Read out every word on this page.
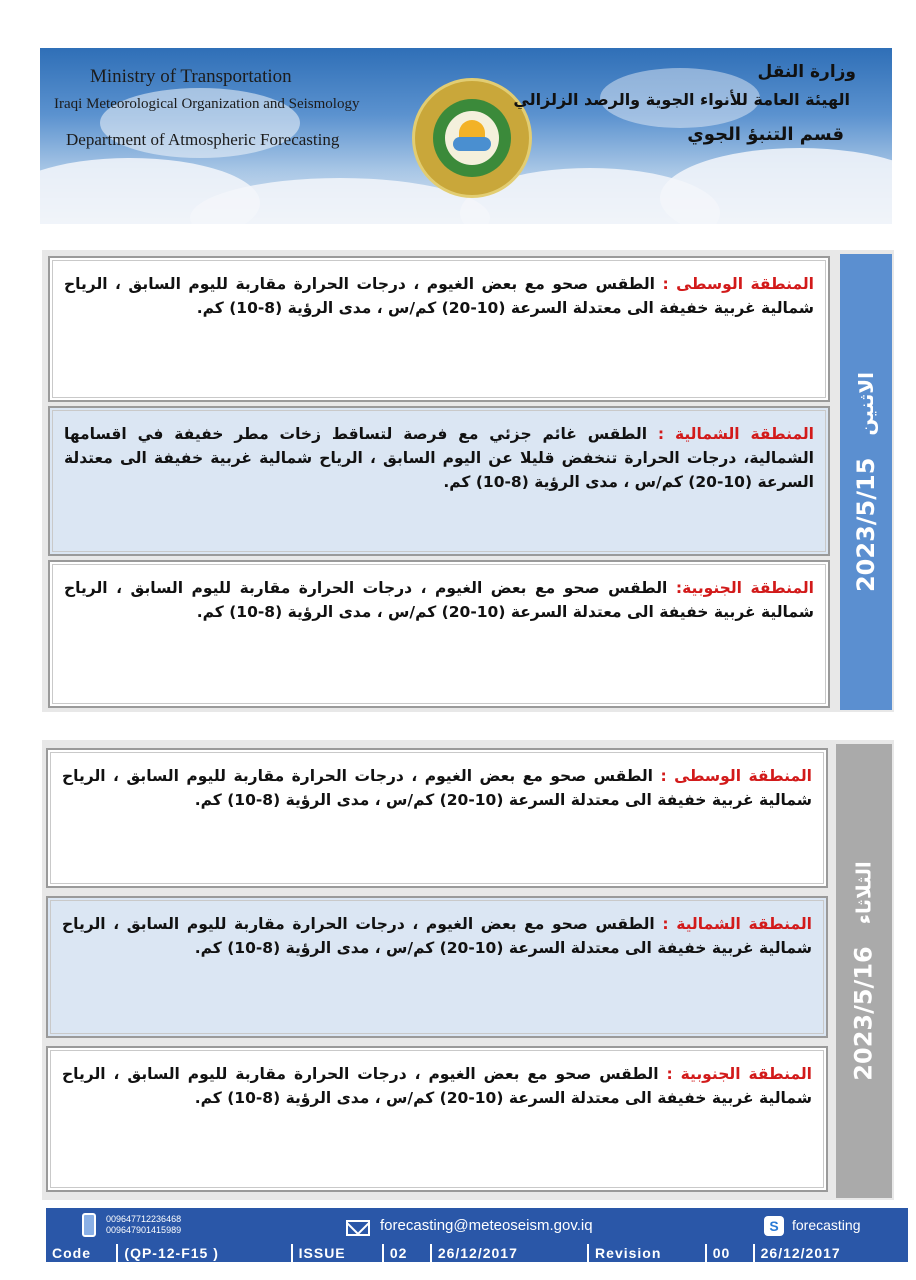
Ministry of Transportation
Iraqi Meteorological Organization and Seismology
Department of Atmospheric Forecasting
وزارة النقل
الهيئة العامة للأنواء الجوية والرصد الزلزالي
قسم التنبؤ الجوي
المنطقة الوسطى : الطقس صحو مع بعض الغيوم ، درجات الحرارة مقاربة لليوم السابق ، الرياح شمالية غربية خفيفة الى معتدلة السرعة (10-20) كم/س ، مدى الرؤية (8-10) كم.
المنطقة الشمالية : الطقس غائم جزئي مع فرصة لتساقط زخات مطر خفيفة في اقسامها الشمالية، درجات الحرارة تنخفض قليلا عن اليوم السابق ، الرياح شمالية غربية خفيفة الى معتدلة السرعة (10-20) كم/س ، مدى الرؤية (8-10) كم.
المنطقة الجنوبية: الطقس صحو مع بعض الغيوم ، درجات الحرارة مقاربة لليوم السابق ، الرياح شمالية غربية خفيفة الى معتدلة السرعة (10-20) كم/س ، مدى الرؤية (8-10) كم.
2023/5/15
الاثنين
المنطقة الوسطى : الطقس صحو مع بعض الغيوم ، درجات الحرارة مقاربة لليوم السابق ، الرياح شمالية غربية خفيفة الى معتدلة السرعة (10-20) كم/س ، مدى الرؤية (8-10) كم.
المنطقة الشمالية : الطقس صحو مع بعض الغيوم ، درجات الحرارة مقاربة لليوم السابق ، الرياح شمالية غربية خفيفة الى معتدلة السرعة (10-20) كم/س ، مدى الرؤية (8-10) كم.
المنطقة الجنوبية : الطقس صحو مع بعض الغيوم ، درجات الحرارة مقاربة لليوم السابق ، الرياح شمالية غربية خفيفة الى معتدلة السرعة (10-20) كم/س ، مدى الرؤية (8-10) كم.
2023/5/16
الثلاثاء
009647712236468
009647901415989	forecasting@meteoseism.gov.iq	S forecasting
Code	(QP-12-F15 )	ISSUE	02	26/12/2017	Revision	00	26/12/2017
